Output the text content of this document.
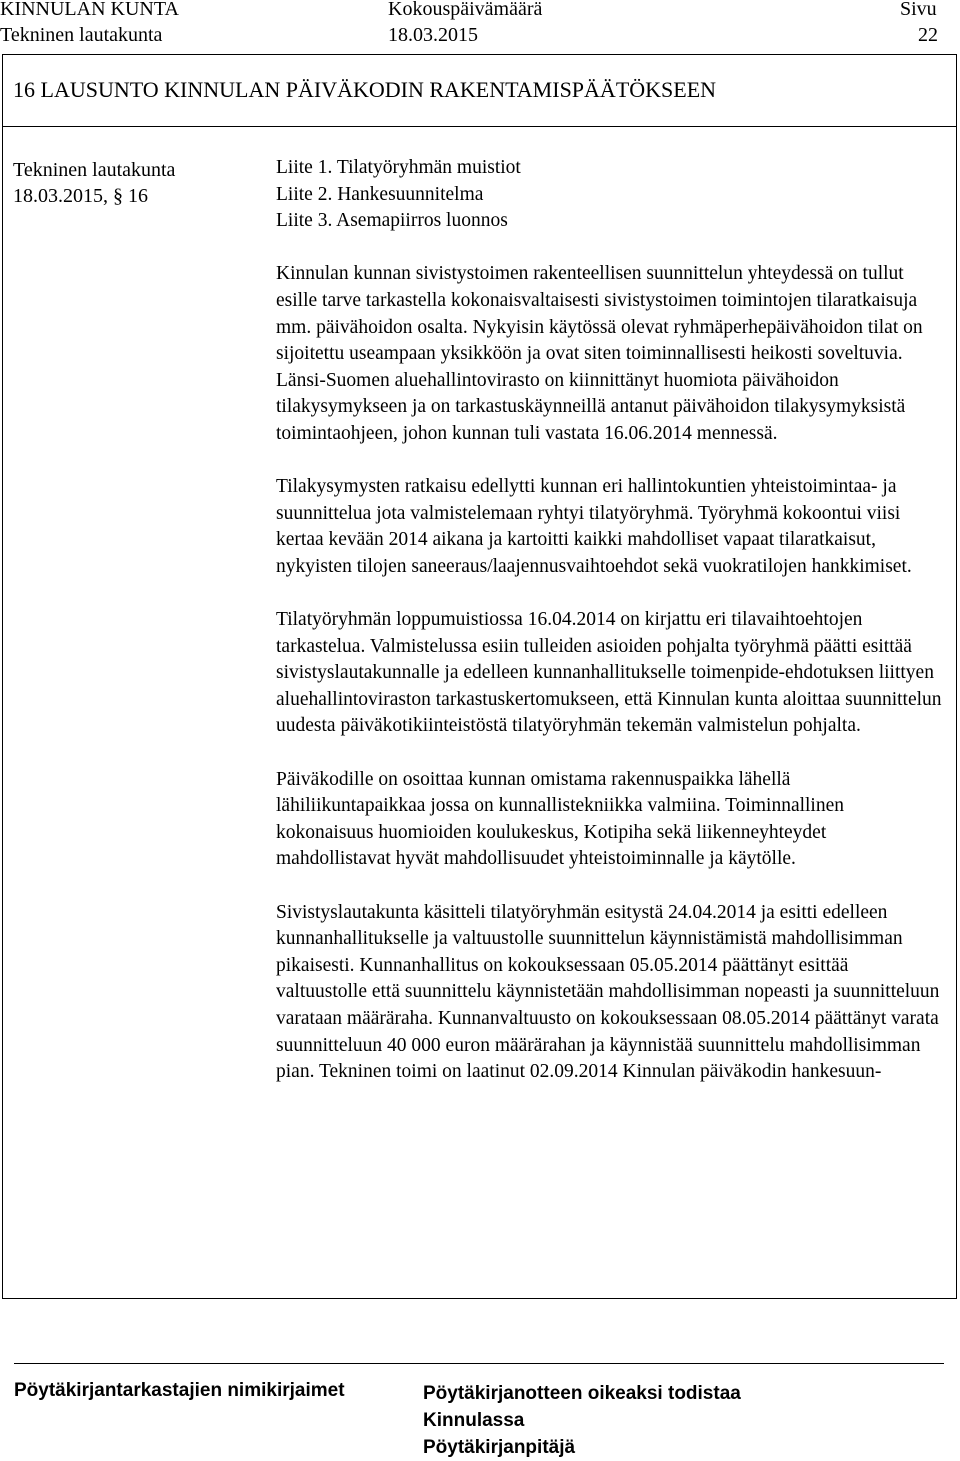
KINNULAN KUNTA
Tekninen lautakunta
Kokouspäivämäärä
18.03.2015
Sivu
22
16 LAUSUNTO KINNULAN PÄIVÄKODIN RAKENTAMISPÄÄTÖKSEEN
Tekninen lautakunta
18.03.2015, § 16

Liite 1. Tilatyöryhmän muistiot
Liite 2. Hankesuunnitelma
Liite 3. Asemapiirros luonnos

Kinnulan kunnan sivistystoimen rakenteellisen suunnittelun yhteydessä on tullut esille tarve tarkastella kokonaisvaltaisesti sivistystoimen toimintojen tilaratkaisuja mm. päivähoidon osalta. Nykyisin käytössä olevat ryhmäperhepäivähoidon tilat on sijoitettu useampaan yksikköön ja ovat siten toiminnallisesti heikosti soveltuvia. Länsi-Suomen aluehallintovirasto on kiinnittänyt huomiota päivähoidon tilakysymykseen ja on tarkastuskäynneillä antanut päivähoidon tilakysymyksistä toimintaohjeen, johon kunnan tuli vastata 16.06.2014 mennessä.

Tilakysymysten ratkaisu edellytti kunnan eri hallintokuntien yhteistoimintaa- ja suunnittelua jota valmistelemaan ryhtyi tilatyöryhmä. Työryhmä kokoontui viisi kertaa kevään 2014 aikana ja kartoitti kaikki mahdolliset vapaat tilaratkaisut, nykyisten tilojen saneeraus/laajennusvaihtoehdot sekä vuokratilojen hankkimiset.

Tilatyöryhmän loppumuistiossa 16.04.2014 on kirjattu eri tilavaihtoehtojen tarkastelua. Valmistelussa esiin tulleiden asioiden pohjalta työryhmä päätti esittää sivistyslautakunnalle ja edelleen kunnanhallitukselle toimenpide-ehdotuksen liittyen aluehallintoviraston tarkastuskertomukseen, että Kinnulan kunta aloittaa suunnittelun uudesta päiväkotikiinteistöstä tilatyöryhmän tekemän valmistelun pohjalta.

Päiväkodille on osoittaa kunnan omistama rakennuspaikka lähellä lähiliikuntapaikkaa jossa on kunnallistekniikka valmiina. Toiminnallinen kokonaisuus huomioiden koulukeskus, Kotipiha sekä liikenneyhteydet mahdollistavat hyvät mahdollisuudet yhteistoiminnalle ja käytölle.

Sivistyslautakunta käsitteli tilatyöryhmän esitystä 24.04.2014 ja esitti edelleen kunnanhallitukselle ja valtuustolle suunnittelun käynnistämistä mahdollisimman pikaisesti. Kunnanhallitus on kokouksessaan 05.05.2014 päättänyt esittää valtuustolle että suunnittelu käynnistetään mahdollisimman nopeasti ja suunnitteluun varataan määräraha. Kunnanvaltuusto on kokouksessaan 08.05.2014 päättänyt varata suunnitteluun 40 000 euron määrärahan ja käynnistää suunnittelu mahdollisimman pian. Tekninen toimi on laatinut 02.09.2014 Kinnulan päiväkodin hankesuun-

Pöytäkirjantarkastajien nimikirjaimet	Pöytäkirjanotteen oikeaksi todistaa
Kinnulassa
Pöytäkirjanpitäjä
